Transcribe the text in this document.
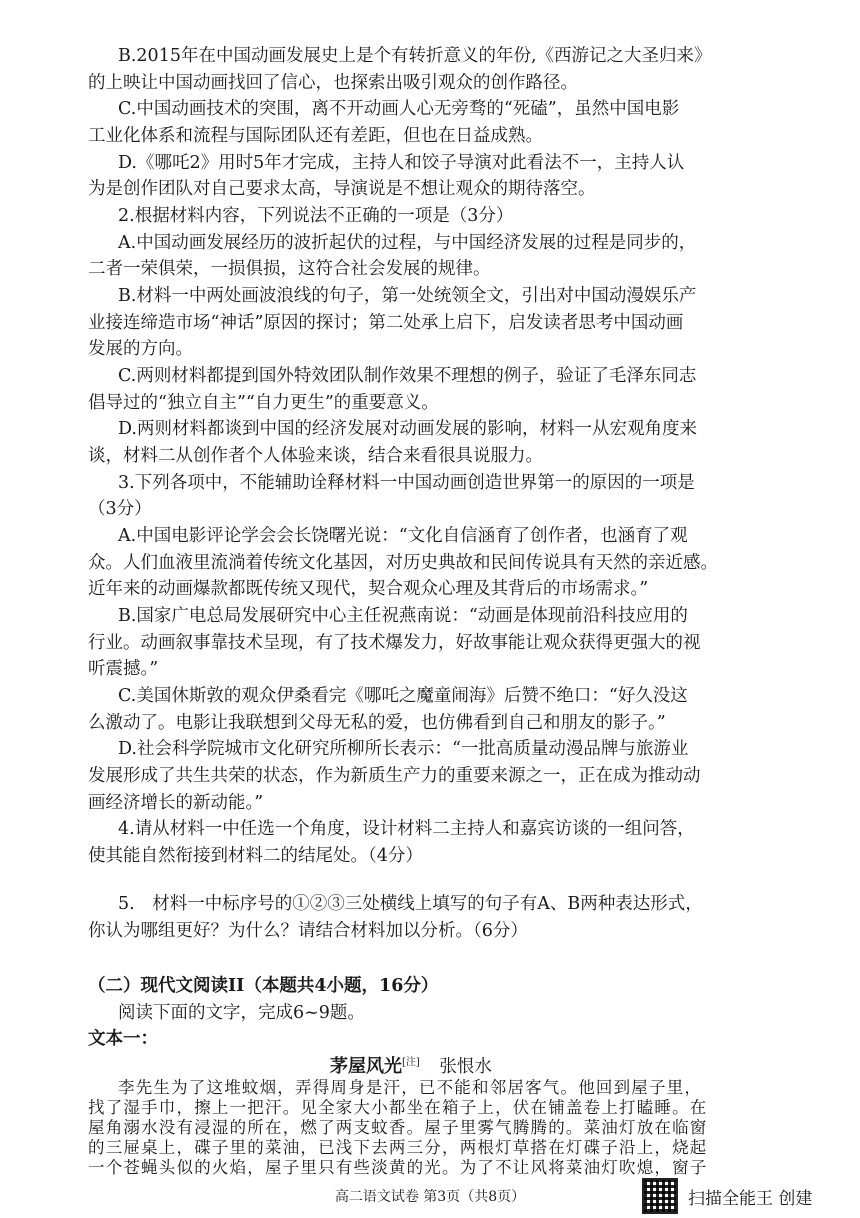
B.2015年在中国动画发展史上是个有转折意义的年份,《西游记之大圣归来》
的上映让中国动画找回了信心，也探索出吸引观众的创作路径。
C.中国动画技术的突围，离不开动画人心无旁骛的“死磕”，虽然中国电影
工业化体系和流程与国际团队还有差距，但也在日益成熟。
D.《哪吒2》用时5年才完成，主持人和饺子导演对此看法不一，主持人认
为是创作团队对自己要求太高，导演说是不想让观众的期待落空。
2.根据材料内容，下列说法不正确的一项是（3分）
A.中国动画发展经历的波折起伏的过程，与中国经济发展的过程是同步的，
二者一荣俱荣，一损俱损，这符合社会发展的规律。
B.材料一中两处画波浪线的句子，第一处统领全文，引出对中国动漫娱乐产
业接连缔造市场“神话”原因的探讨；第二处承上启下，启发读者思考中国动画
发展的方向。
C.两则材料都提到国外特效团队制作效果不理想的例子，验证了毛泽东同志
倡导过的“独立自主”“自力更生”的重要意义。
D.两则材料都谈到中国的经济发展对动画发展的影响，材料一从宏观角度来
谈，材料二从创作者个人体验来谈，结合来看很具说服力。
3.下列各项中，不能辅助诠释材料一中国动画创造世界第一的原因的一项是
（3分）
A.中国电影评论学会会长饶曙光说：“文化自信涵育了创作者，也涵育了观
众。人们血液里流淌着传统文化基因，对历史典故和民间传说具有天然的亲近感。
近年来的动画爆款都既传统又现代，契合观众心理及其背后的市场需求。”
B.国家广电总局发展研究中心主任祝燕南说：“动画是体现前沿科技应用的
行业。动画叙事靠技术呈现，有了技术爆发力，好故事能让观众获得更强大的视
听震撼。”
C.美国休斯敦的观众伊桑看完《哪吒之魔童闹海》后赞不绝口：“好久没这
么激动了。电影让我联想到父母无私的爱，也仿佛看到自己和朋友的影子。”
D.社会科学院城市文化研究所柳所长表示：“一批高质量动漫品牌与旅游业
发展形成了共生共荣的状态，作为新质生产力的重要来源之一，正在成为推动动
画经济增长的新动能。”
4.请从材料一中任选一个角度，设计材料二主持人和嘉宾访谈的一组问答，
使其能自然衔接到材料二的结尾处。（4分）
5.　材料一中标序号的①②③三处横线上填写的句子有A、B两种表达形式，
你认为哪组更好？为什么？请结合材料加以分析。（6分）
（二）现代文阅读II（本题共4小题，16分）
阅读下面的文字，完成6~9题。
文本一：
茅屋风光[注] 张恨水
李先生为了这堆蚊烟，弄得周身是汗，已不能和邻居客气。他回到屋子里，
找了湿手巾，擦上一把汗。见全家大小都坐在箱子上，伏在铺盖卷上打瞌睡。在
屋角溺水没有浸湿的所在，燃了两支蚊香。屋子里雾气腾腾的。菜油灯放在临窗
的三屉桌上，碟子里的菜油，已浅下去两三分，两根灯草搭在灯碟子沿上，烧起
一个苍蝇头似的火焰，屋子里只有些淡黄的光。为了不让风将菜油灯吹熄，窗子
高二语文试卷 第3页（共8页）	扫描全能王 创建
